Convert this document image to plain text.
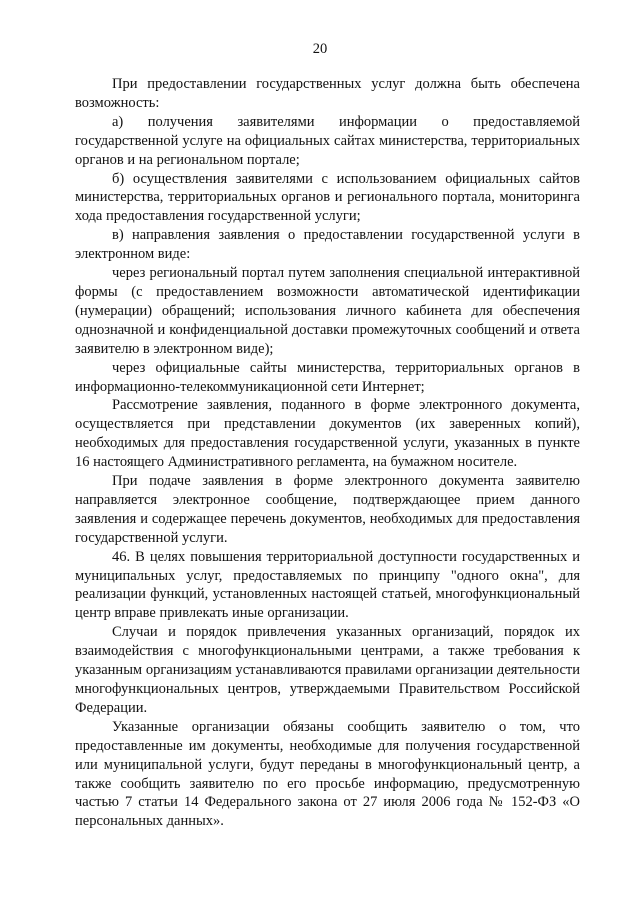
20

При предоставлении государственных услуг должна быть обеспечена возможность:

а) получения заявителями информации о предоставляемой государственной услуге на официальных сайтах министерства, территориальных органов и на региональном портале;

б) осуществления заявителями с использованием официальных сайтов министерства, территориальных органов и регионального портала, мониторинга хода предоставления государственной услуги;

в) направления заявления о предоставлении государственной услуги в электронном виде:

через региональный портал путем заполнения специальной интерактивной формы (с предоставлением возможности автоматической идентификации (нумерации) обращений; использования личного кабинета для обеспечения однозначной и конфиденциальной доставки промежуточных сообщений и ответа заявителю в электронном виде);

через официальные сайты министерства, территориальных органов в информационно-телекоммуникационной сети Интернет;

Рассмотрение заявления, поданного в форме электронного документа, осуществляется при представлении документов (их заверенных копий), необходимых для предоставления государственной услуги, указанных в пункте 16 настоящего Административного регламента, на бумажном носителе.

При подаче заявления в форме электронного документа заявителю направляется электронное сообщение, подтверждающее прием данного заявления и содержащее перечень документов, необходимых для предоставления государственной услуги.

46. В целях повышения территориальной доступности государственных и муниципальных услуг, предоставляемых по принципу "одного окна", для реализации функций, установленных настоящей статьей, многофункциональный центр вправе привлекать иные организации.

Случаи и порядок привлечения указанных организаций, порядок их взаимодействия с многофункциональными центрами, а также требования к указанным организациям устанавливаются правилами организации деятельности многофункциональных центров, утверждаемыми Правительством Российской Федерации.

Указанные организации обязаны сообщить заявителю о том, что предоставленные им документы, необходимые для получения государственной или муниципальной услуги, будут переданы в многофункциональный центр, а также сообщить заявителю по его просьбе информацию, предусмотренную частью 7 статьи 14 Федерального закона от 27 июля 2006 года № 152-ФЗ «О персональных данных».
